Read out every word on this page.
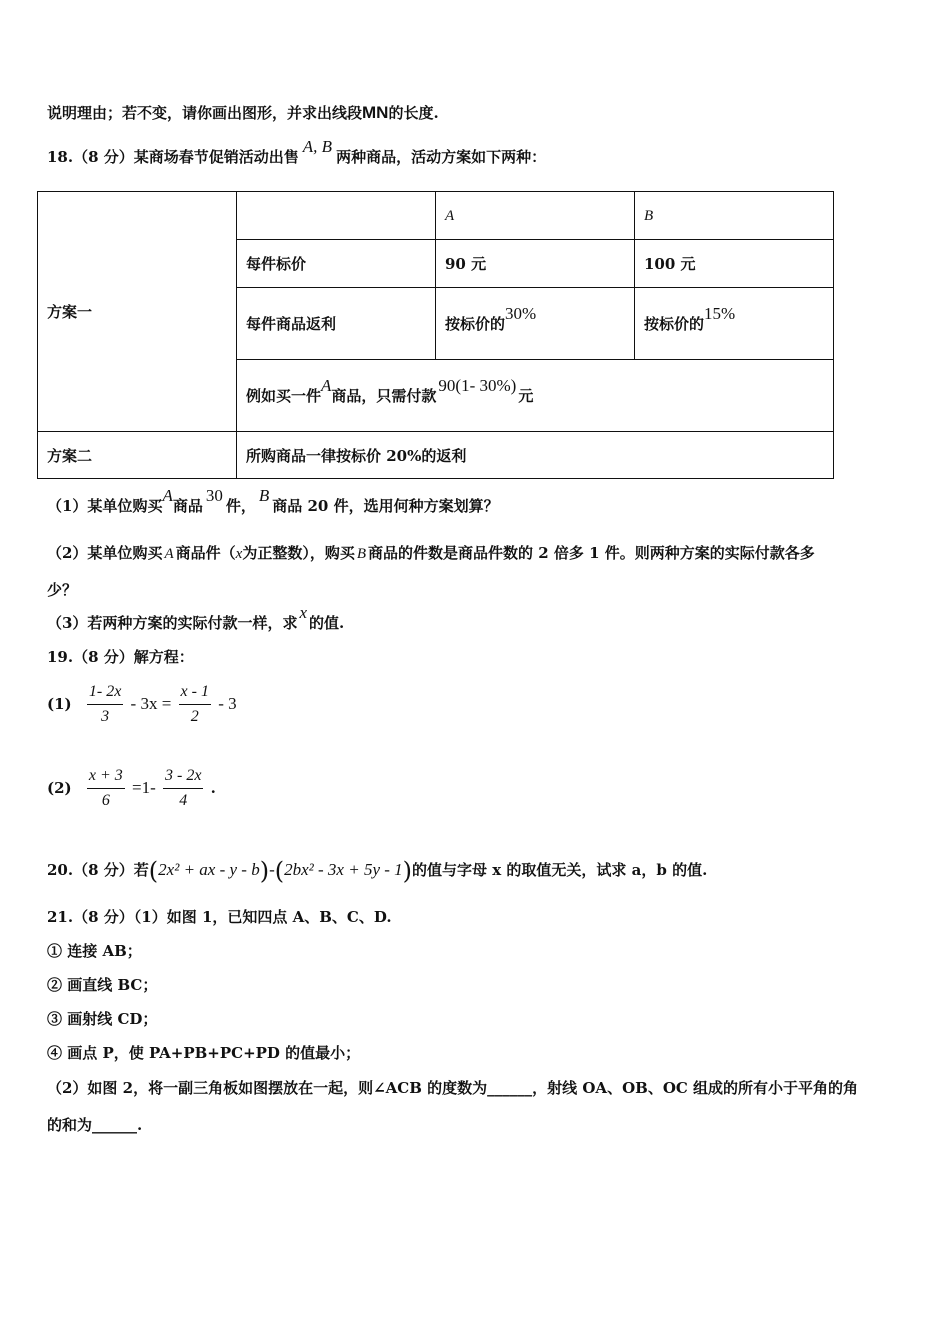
说明理由；若不变，请你画出图形，并求出线段MN的长度.
18.（8 分）某商场春节促销活动出售A, B两种商品，活动方案如下两种：
方案一		A	B
	每件标价	90 元	100 元
	每件商品返利	按标价的30%	按标价的15%
	例如买一件A商品，只需付款90(1- 30%)元		
方案二	所购商品一律按标价 20%的返利		
（1）某单位购买A商品30件，B商品 20 件，选用何种方案划算？
（2）某单位购买 A 商品件（x为正整数），购买 B 商品的件数是商品件数的 2 倍多 1 件。则两种方案的实际付款各多
少？
（3）若两种方案的实际付款一样，求x的值.
19.（8 分）解方程：
$(1) \frac{1- 2x}{3} - 3x = \frac{x - 1}{2} - 3$
$(2) \frac{x + 3}{6} =1- \frac{3 - 2x}{4}$ .
20.（8 分）若(2x² + ax - y - b)-(2bx² - 3x + 5y - 1)的值与字母 x 的取值无关，试求 a，b 的值.
21.（8 分）（1）如图 1，已知四点 A、B、C、D.
① 连接 AB；
② 画直线 BC；
③ 画射线 CD；
④ 画点 P，使 PA+PB+PC+PD 的值最小；
（2）如图 2，将一副三角板如图摆放在一起，则∠ACB 的度数为______，射线 OA、OB、OC 组成的所有小于平角的角
的和为______.
